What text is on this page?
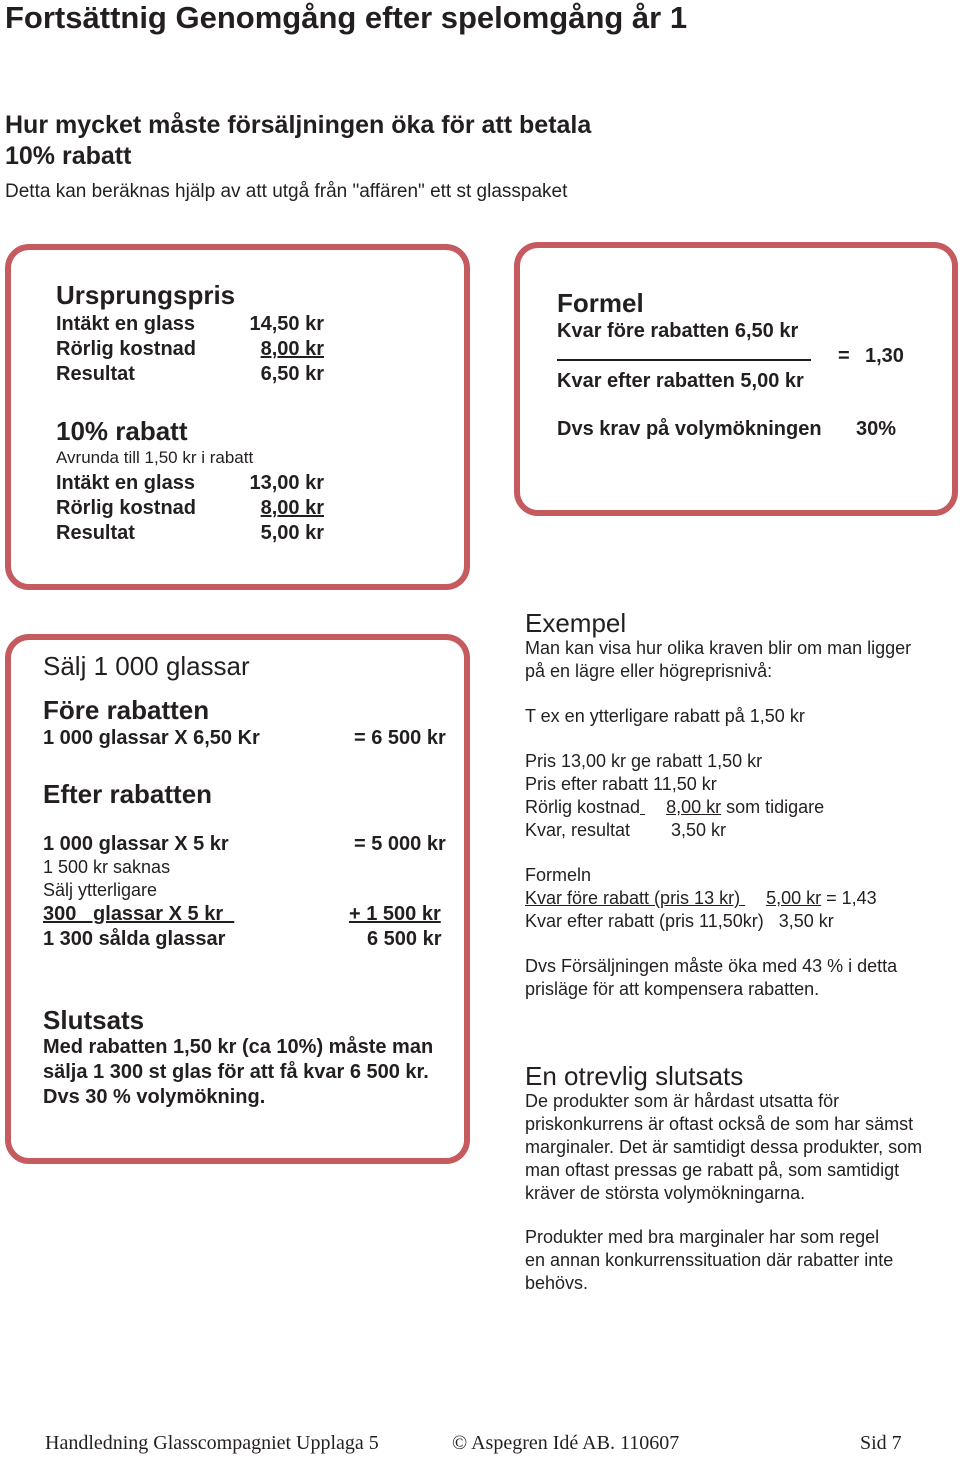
Fortsättnig Genomgång efter spelomgång år 1
Hur mycket måste försäljningen öka för att betala
10% rabatt
Detta kan beräknas hjälp av att utgå från "affären" ett st glasspaket
Ursprungspris
Intäkt en glass	14,50 kr
Rörlig kostnad	8,00 kr
Resultat	6,50 kr
10% rabatt
Avrunda till 1,50 kr i rabatt
Intäkt en glass	13,00 kr
Rörlig kostnad	8,00 kr
Resultat	5,00 kr
Formel
Kvar före rabatten 6,50 kr
= 1,30
Kvar efter rabatten 5,00 kr
Dvs krav på volymökningen 30%
Sälj 1 000 glassar
Före rabatten
1 000 glassar X 6,50 Kr	= 6 500 kr
Efter rabatten
1 000 glassar X 5 kr	= 5 000 kr
1 500 kr saknas
Sälj ytterligare
300   glassar X 5 kr	+ 1 500 kr
1 300 sålda glassar	6 500 kr
Slutsats
Med rabatten 1,50 kr (ca 10%) måste man
sälja 1 300 st glas för att få kvar 6 500 kr.
Dvs 30 % volymökning.
Exempel
Man kan visa hur olika kraven blir om man ligger
på en lägre eller högreprisnivå:
T ex en ytterligare rabatt på 1,50 kr
Pris 13,00 kr ge rabatt 1,50 kr
Pris efter rabatt 11,50 kr
Rörlig kostnad 8,00 kr som tidigare
Kvar, resultat 3,50 kr
Formeln
Kvar före rabatt (pris 13 kr) 5,00 kr = 1,43
Kvar efter rabatt (pris 11,50kr)   3,50 kr
Dvs Försäljningen måste öka med 43 % i detta
prisläge för att kompensera rabatten.
En otrevlig slutsats
De produkter som är hårdast utsatta för
priskonkurrens är oftast också de som har sämst
marginaler. Det är samtidigt dessa produkter, som
man oftast pressas ge rabatt på, som samtidigt
kräver de största volymökningarna.
Produkter med bra marginaler har som regel
en annan konkurrenssituation där rabatter inte
behövs.
Handledning Glasscompagniet Upplaga 5	© Aspegren Idé AB. 110607	Sid 7
